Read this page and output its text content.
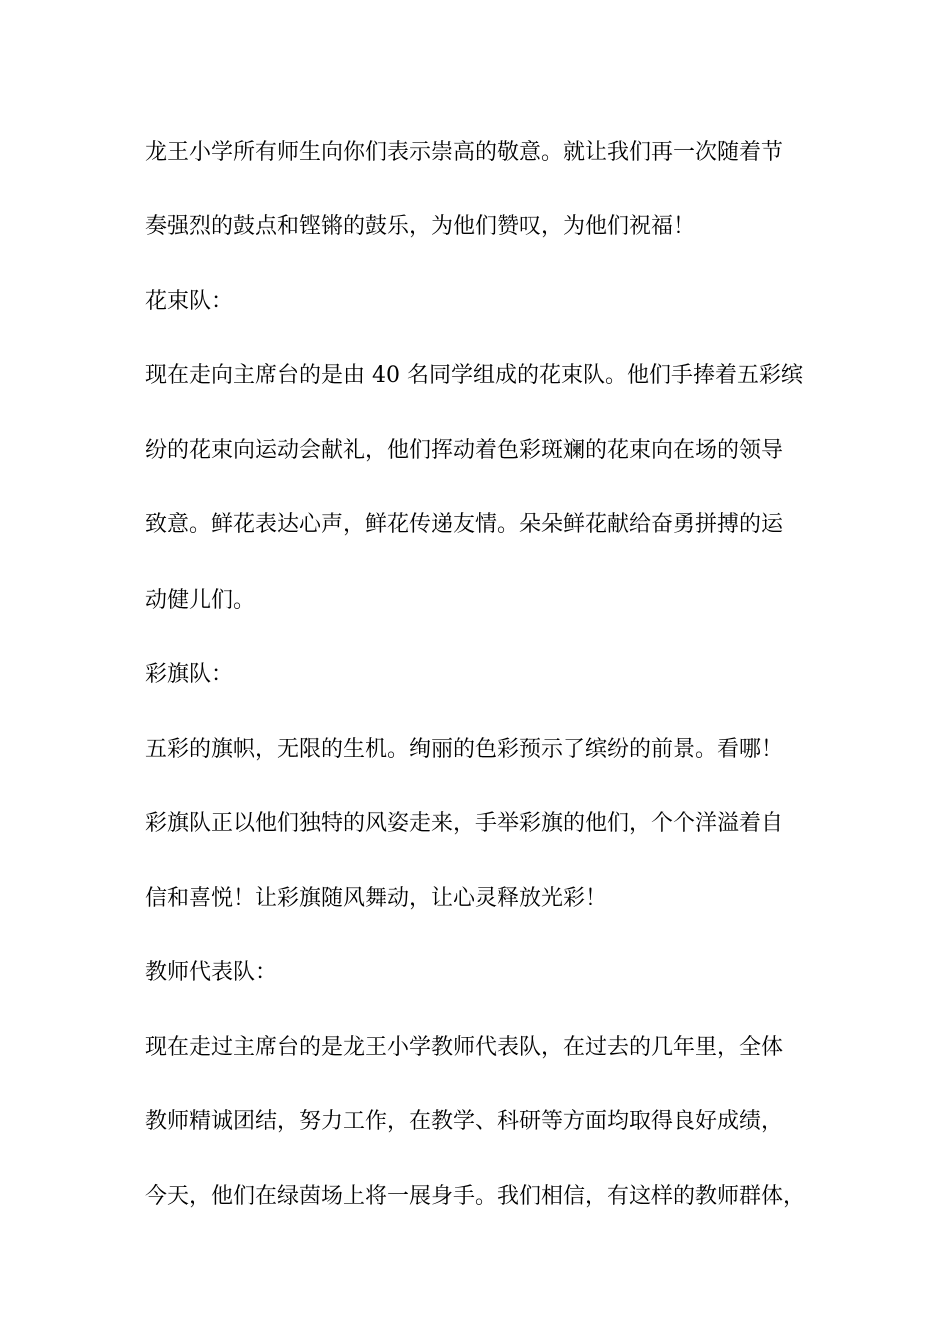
龙王小学所有师生向你们表示崇高的敬意。就让我们再一次随着节
奏强烈的鼓点和铿锵的鼓乐，为他们赞叹，为他们祝福！
花束队：
现在走向主席台的是由 40 名同学组成的花束队。他们手捧着五彩缤
纷的花束向运动会献礼，他们挥动着色彩斑斓的花束向在场的领导
致意。鲜花表达心声，鲜花传递友情。朵朵鲜花献给奋勇拼搏的运
动健儿们。
彩旗队：
五彩的旗帜，无限的生机。绚丽的色彩预示了缤纷的前景。看哪！
彩旗队正以他们独特的风姿走来，手举彩旗的他们，个个洋溢着自
信和喜悦！让彩旗随风舞动，让心灵释放光彩！
教师代表队：
现在走过主席台的是龙王小学教师代表队，在过去的几年里，全体
教师精诚团结，努力工作，在教学、科研等方面均取得良好成绩，
今天，他们在绿茵场上将一展身手。我们相信，有这样的教师群体，
